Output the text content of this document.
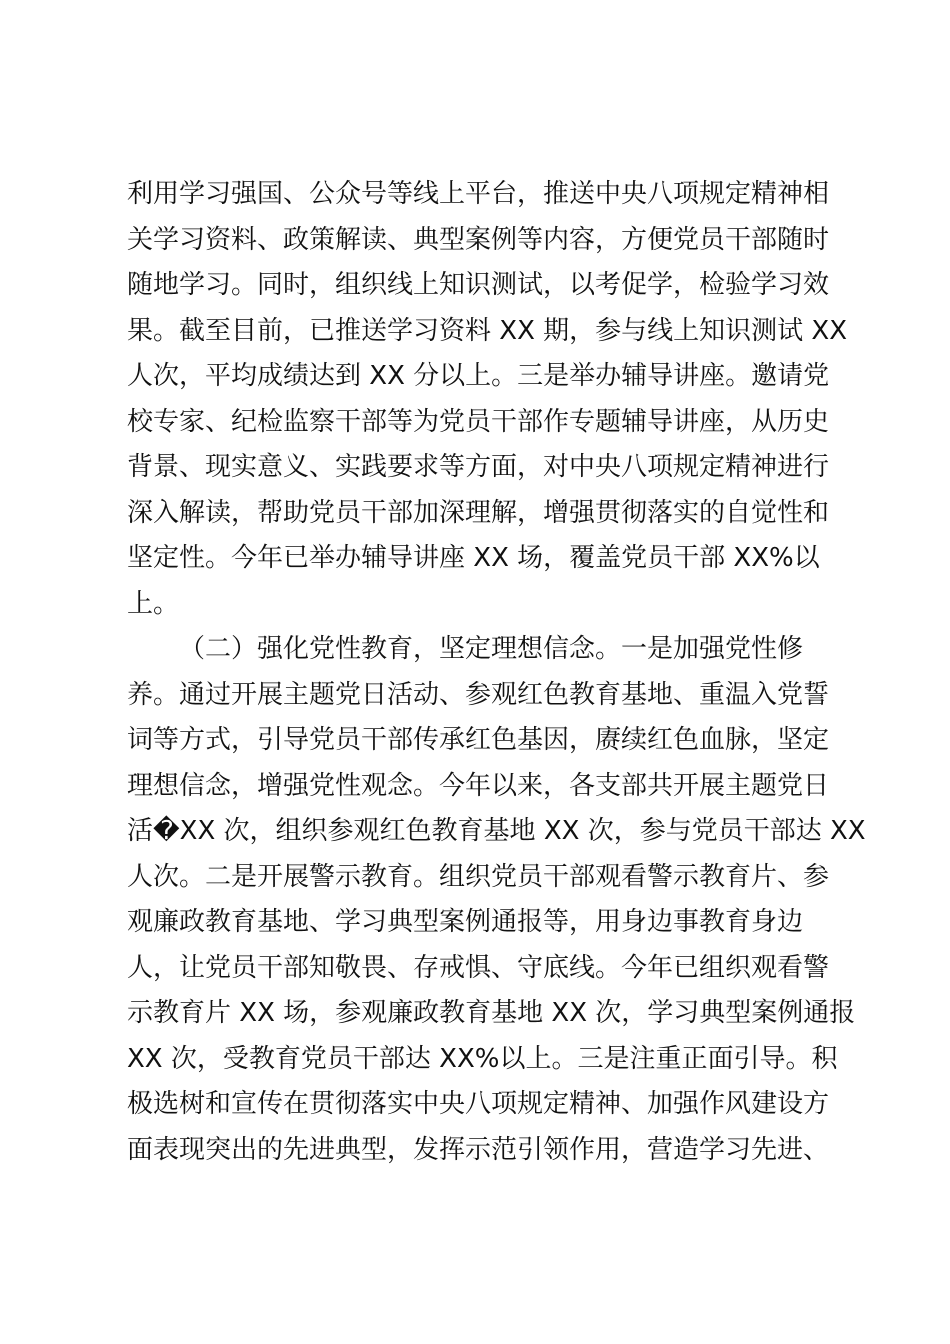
利用学习强国、公众号等线上平台，推送中央八项规定精神相
关学习资料、政策解读、典型案例等内容，方便党员干部随时
随地学习。同时，组织线上知识测试，以考促学，检验学习效
果。截至目前，已推送学习资料 XX 期，参与线上知识测试 XX
人次，平均成绩达到 XX 分以上。三是举办辅导讲座。邀请党
校专家、纪检监察干部等为党员干部作专题辅导讲座，从历史
背景、现实意义、实践要求等方面，对中央八项规定精神进行
深入解读，帮助党员干部加深理解，增强贯彻落实的自觉性和
坚定性。今年已举办辅导讲座 XX 场，覆盖党员干部 XX%以
上。
（二）强化党性教育，坚定理想信念。一是加强党性修
养。通过开展主题党日活动、参观红色教育基地、重温入党誓
词等方式，引导党员干部传承红色基因，赓续红色血脉，坚定
理想信念，增强党性观念。今年以来，各支部共开展主题党日
活�XX 次，组织参观红色教育基地 XX 次，参与党员干部达 XX
人次。二是开展警示教育。组织党员干部观看警示教育片、参
观廉政教育基地、学习典型案例通报等，用身边事教育身边
人，让党员干部知敬畏、存戒惧、守底线。今年已组织观看警
示教育片 XX 场，参观廉政教育基地 XX 次，学习典型案例通报
XX 次，受教育党员干部达 XX%以上。三是注重正面引导。积
极选树和宣传在贯彻落实中央八项规定精神、加强作风建设方
面表现突出的先进典型，发挥示范引领作用，营造学习先进、
